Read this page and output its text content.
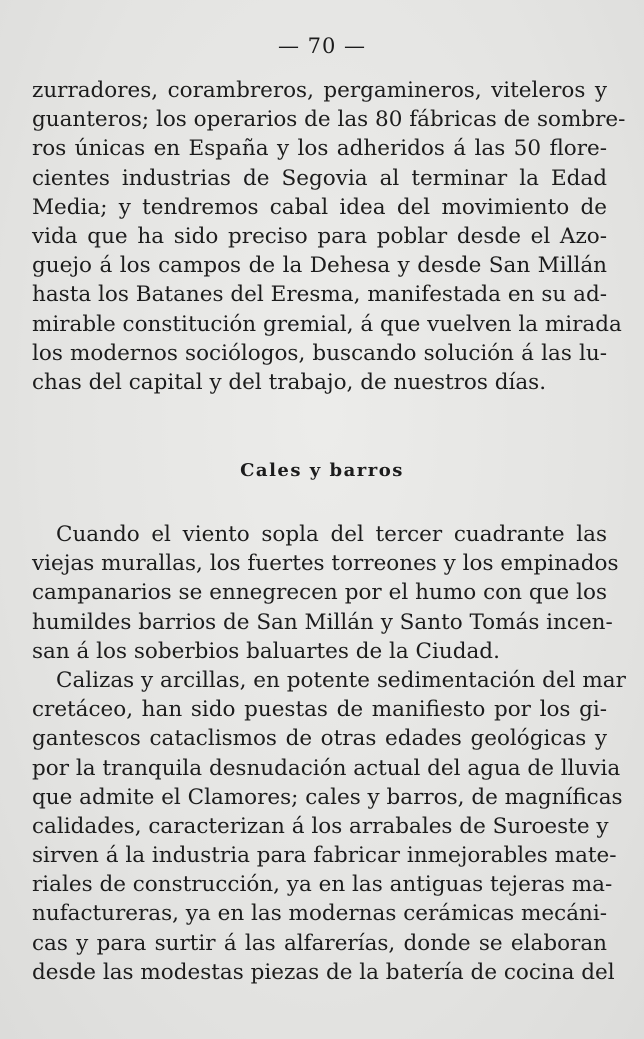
— 70 —
zurradores, corambreros, pergamineros, viteleros y
guanteros; los operarios de las 80 fábricas de sombre-
ros únicas en España y los adheridos á las 50 flore-
cientes industrias de Segovia al terminar la Edad
Media; y tendremos cabal idea del movimiento de
vida que ha sido preciso para poblar desde el Azo-
guejo á los campos de la Dehesa y desde San Millán
hasta los Batanes del Eresma, manifestada en su ad-
mirable constitución gremial, á que vuelven la mirada
los modernos sociólogos, buscando solución á las lu-
chas del capital y del trabajo, de nuestros días.
Cales y barros
Cuando el viento sopla del tercer cuadrante las
viejas murallas, los fuertes torreones y los empinados
campanarios se ennegrecen por el humo con que los
humildes barrios de San Millán y Santo Tomás incen-
san á los soberbios baluartes de la Ciudad.
Calizas y arcillas, en potente sedimentación del mar
cretáceo, han sido puestas de manifiesto por los gi-
gantescos cataclismos de otras edades geológicas y
por la tranquila desnudación actual del agua de lluvia
que admite el Clamores; cales y barros, de magníficas
calidades, caracterizan á los arrabales de Suroeste y
sirven á la industria para fabricar inmejorables mate-
riales de construcción, ya en las antiguas tejeras ma-
nufactureras, ya en las modernas cerámicas mecáni-
cas y para surtir á las alfarerías, donde se elaboran
desde las modestas piezas de la batería de cocina del
